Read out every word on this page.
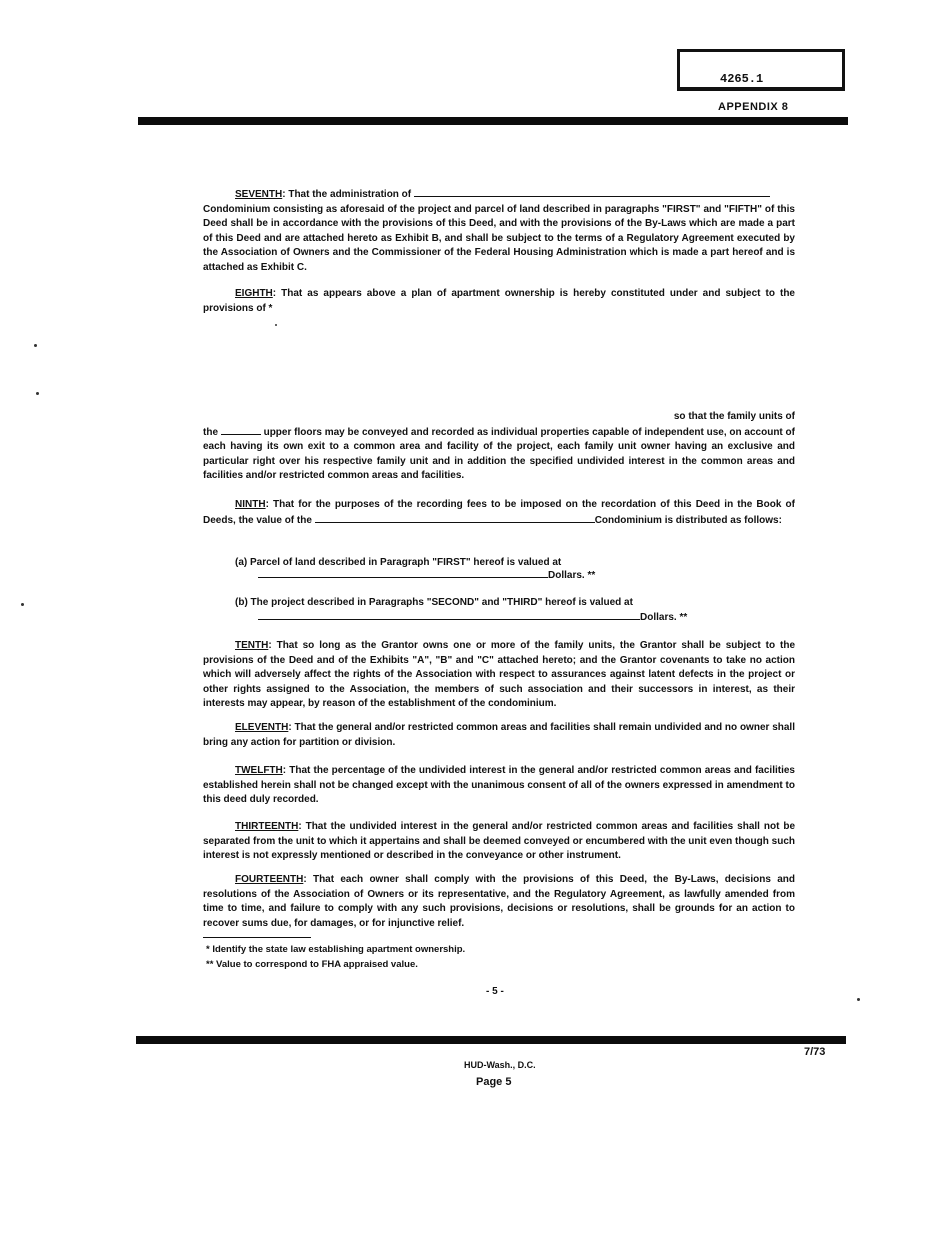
4265.1
APPENDIX 8
SEVENTH: That the administration of
Condominium consisting as aforesaid of the project and parcel of land described in paragraphs "FIRST" and "FIFTH" of this Deed shall be in accordance with the provisions of this Deed, and with the provisions of the By-Laws which are made a part of this Deed and are attached hereto as Exhibit B, and shall be subject to the terms of a Regulatory Agreement executed by the Association of Owners and the Commissioner of the Federal Housing Administration which is made a part hereof and is attached as Exhibit C.
EIGHTH: That as appears above a plan of apartment ownership is hereby constituted under and subject to the provisions of *
so that the family units of
the	upper floors may be conveyed and recorded as individual properties capable of independent use, on account of each having its own exit to a common area and facility of the project, each family unit owner having an exclusive and particular right over his respective family unit and in addition the specified undivided interest in the common areas and facilities and/or restricted common areas and facilities.
NINTH: That for the purposes of the recording fees to be imposed on the recordation of this Deed in the Book of Deeds, the value of the	Condominium is distributed as follows:
(a) Parcel of land described in Paragraph "FIRST" hereof is valued at
Dollars. **
(b) The project described in Paragraphs "SECOND" and "THIRD" hereof is valued at
Dollars. **
TENTH: That so long as the Grantor owns one or more of the family units, the Grantor shall be subject to the provisions of the Deed and of the Exhibits "A", "B" and "C" attached hereto; and the Grantor covenants to take no action which will adversely affect the rights of the Association with respect to assurances against latent defects in the project or other rights assigned to the Association, the members of such association and their successors in interest, as their interests may appear, by reason of the establishment of the condominium.
ELEVENTH: That the general and/or restricted common areas and facilities shall remain undivided and no owner shall bring any action for partition or division.
TWELFTH: That the percentage of the undivided interest in the general and/or restricted common areas and facilities established herein shall not be changed except with the unanimous consent of all of the owners expressed in amendment to this deed duly recorded.
THIRTEENTH: That the undivided interest in the general and/or restricted common areas and facilities shall not be separated from the unit to which it appertains and shall be deemed conveyed or encumbered with the unit even though such interest is not expressly mentioned or described in the conveyance or other instrument.
FOURTEENTH: That each owner shall comply with the provisions of this Deed, the By-Laws, decisions and resolutions of the Association of Owners or its representative, and the Regulatory Agreement, as lawfully amended from time to time, and failure to comply with any such provisions, decisions or resolutions, shall be grounds for an action to recover sums due, for damages, or for injunctive relief.
* Identify the state law establishing apartment ownership.
** Value to correspond to FHA appraised value.
- 5 -
7/73
HUD-Wash., D.C.
Page 5
